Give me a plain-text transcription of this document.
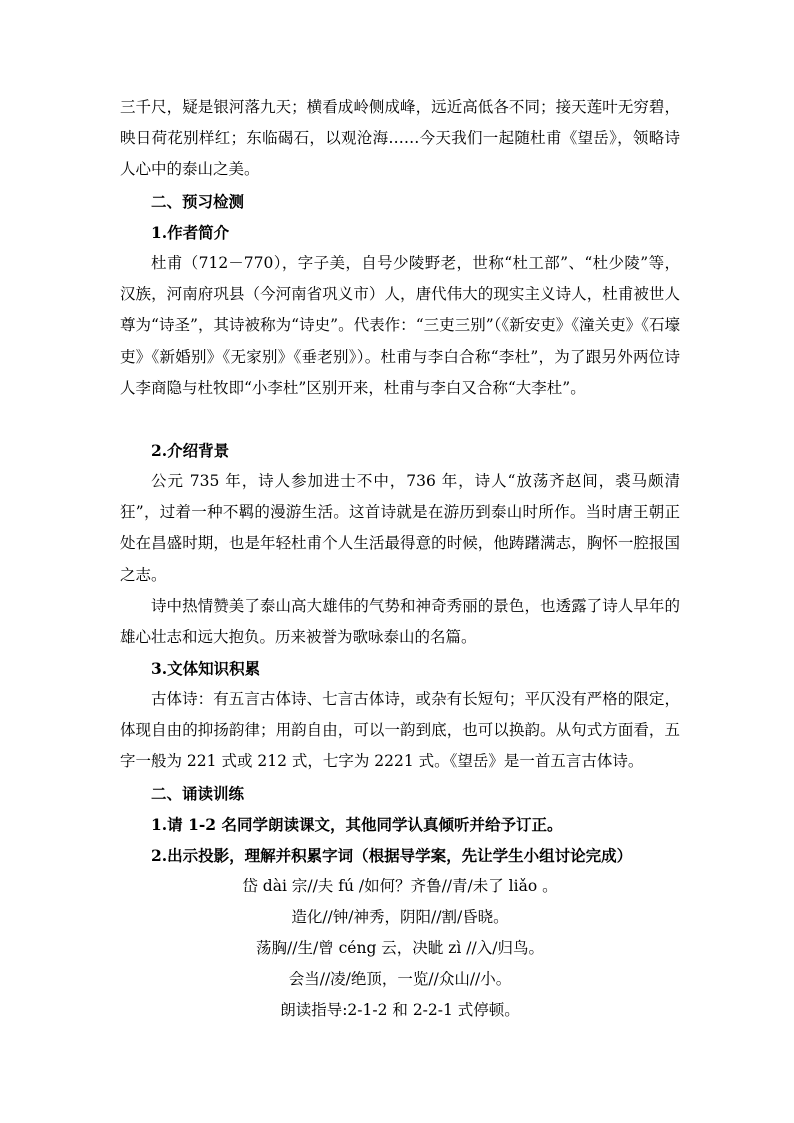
三千尺，疑是银河落九天；横看成岭侧成峰，远近高低各不同；接天莲叶无穷碧，映日荷花别样红；东临碣石，以观沧海……今天我们一起随杜甫《望岳》，领略诗人心中的泰山之美。

二、预习检测

1.作者简介

杜甫（712－770），字子美，自号少陵野老，世称“杜工部”、“杜少陵”等，汉族，河南府巩县（今河南省巩义市）人，唐代伟大的现实主义诗人，杜甫被世人尊为“诗圣”，其诗被称为“诗史”。代表作：“三吏三别”（《新安吏》《潼关吏》《石壕吏》《新婚别》《无家别》《垂老别》）。杜甫与李白合称“李杜”，为了跟另外两位诗人李商隐与杜牧即“小李杜”区别开来，杜甫与李白又合称“大李杜”。

2.介绍背景

公元 735 年，诗人参加进士不中，736 年，诗人“放荡齐赵间，裘马颇清狂”，过着一种不羁的漫游生活。这首诗就是在游历到泰山时所作。当时唐王朝正处在昌盛时期，也是年轻杜甫个人生活最得意的时候，他踌躇满志，胸怀一腔报国之志。

诗中热情赞美了泰山高大雄伟的气势和神奇秀丽的景色，也透露了诗人早年的雄心壮志和远大抱负。历来被誉为歌咏泰山的名篇。

3.文体知识积累

古体诗：有五言古体诗、七言古体诗，或杂有长短句；平仄没有严格的限定，体现自由的抑扬韵律；用韵自由，可以一韵到底，也可以换韵。从句式方面看，五字一般为 221 式或 212 式，七字为 2221 式。《望岳》是一首五言古体诗。

二、诵读训练

1.请 1-2 名同学朗读课文，其他同学认真倾听并给予订正。

2.出示投影，理解并积累字词（根据导学案，先让学生小组讨论完成）

岱 dài 宗//夫 fú /如何？齐鲁//青/未了 liǎo 。

造化//钟/神秀，阴阳//割/昏晓。

荡胸//生/曾 céng 云，决眦 zì //入/归鸟。

会当//凌/绝顶，一览//众山//小。

朗读指导:2-1-2 和 2-2-1 式停顿。
